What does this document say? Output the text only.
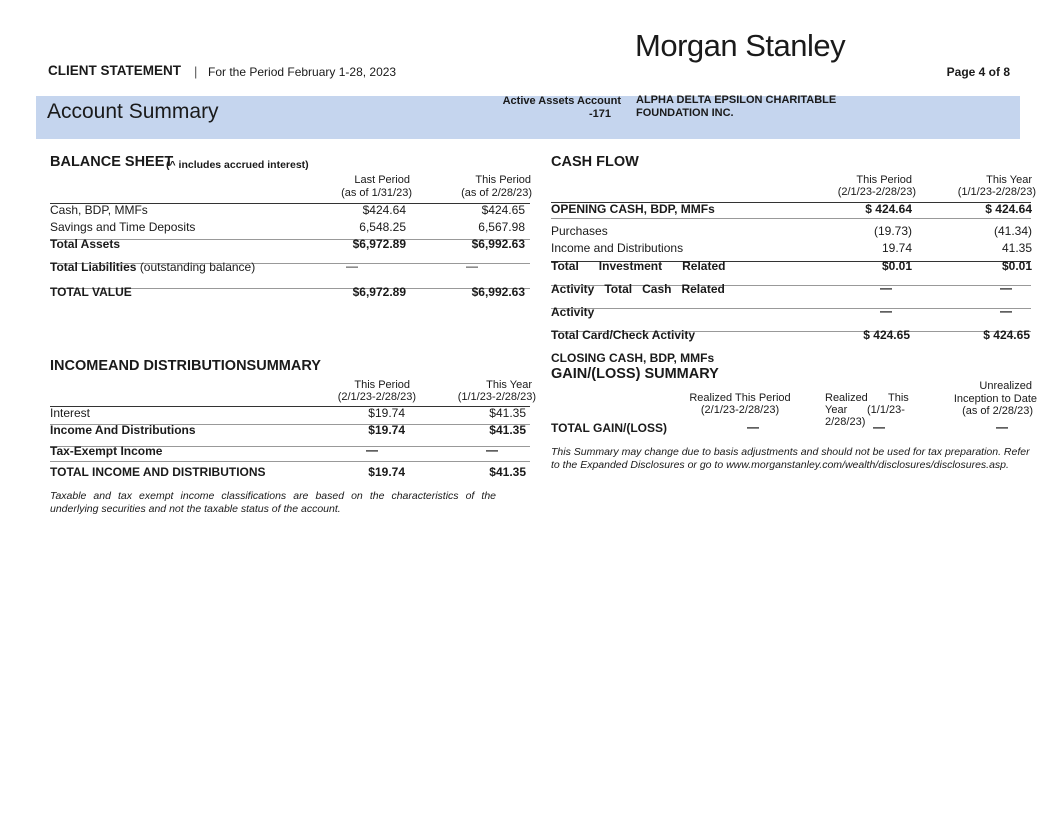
Morgan Stanley
CLIENT STATEMENT | For the Period February 1-28, 2023	Page 4 of 8
Account Summary	Active Assets Account
-171
ALPHA DELTA EPSILON CHARITABLE
FOUNDATION INC.
BALANCE SHEET
(^ includes accrued interest)
Last Period
(as of 1/31/23)
This Period
(as of 2/28/23)
Cash, BDP, MMFs	$424.64	$424.65
Savings and Time Deposits	6,548.25	6,567.98
Total Assets	$6,972.89	$6,992.63
Total Liabilities (outstanding balance)	—	—
TOTAL VALUE	$6,972.89	$6,992.63
INCOMEAND DISTRIBUTIONSUMMARY
This Period
(2/1/23-2/28/23)
This Year
(1/1/23-2/28/23)
Interest	$19.74	$41.35
Income And Distributions	$19.74	$41.35
Tax-Exempt Income	—	—
TOTAL INCOME AND DISTRIBUTIONS	$19.74	$41.35
Taxable and tax exempt income classifications are based on the characteristics of the underlying securities and not the taxable status of the account.
CASH FLOW
This Period
(2/1/23-2/28/23)
This Year
(1/1/23-2/28/23)
OPENING CASH, BDP, MMFs	$ 424.64	$ 424.64
Purchases	(19.73)	(41.34)
Income and Distributions	19.74	41.35
Total      Investment      Related	$0.01	$0.01
Activity   Total   Cash   Related	—	—
Activity	—	—
Total Card/Check Activity	$ 424.65	$ 424.65
CLOSING CASH, BDP, MMFs
GAIN/(LOSS) SUMMARY
Realized This Period
(2/1/23-2/28/23)
Realized This
Year (1/1/23-
2/28/23)
Unrealized
Inception to Date
(as of 2/28/23)
TOTAL GAIN/(LOSS)	—	—	—
This Summary may change due to basis adjustments and should not be used for tax preparation. Refer to the Expanded Disclosures or go to www.morganstanley.com/wealth/disclosures/disclosures.asp.
